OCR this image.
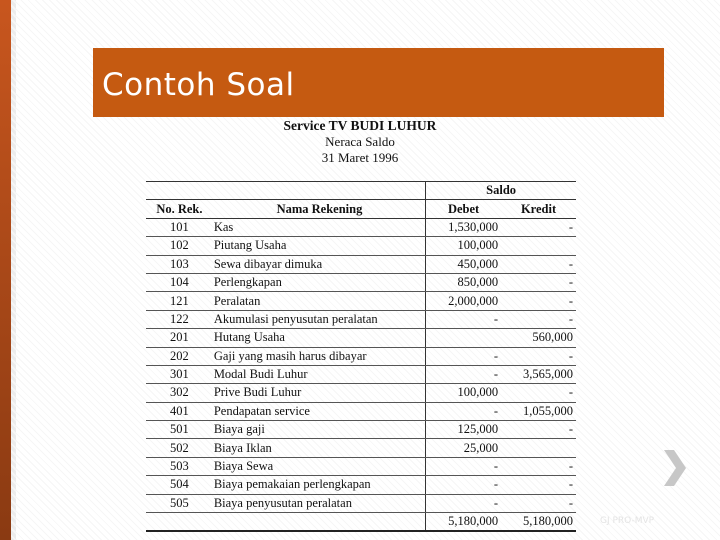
Contoh Soal
Service TV BUDI LUHUR
Neraca Saldo
31 Maret 1996
		Saldo	
No. Rek.	Nama Rekening	Debet	Kredit
101	Kas	1,530,000	-
102	Piutang Usaha	100,000	
103	Sewa dibayar dimuka	450,000	-
104	Perlengkapan	850,000	-
121	Peralatan	2,000,000	-
122	Akumulasi penyusutan peralatan	-	-
201	Hutang Usaha		560,000
202	Gaji yang masih harus dibayar	-	-
301	Modal Budi Luhur	-	3,565,000
302	Prive Budi Luhur	100,000	-
401	Pendapatan service	-	1,055,000
501	Biaya gaji	125,000	-
502	Biaya Iklan	25,000	
503	Biaya Sewa	-	-
504	Biaya pemakaian perlengkapan	-	-
505	Biaya penyusutan peralatan	-	-
		5,180,000	5,180,000	GJ PRO-MVP
